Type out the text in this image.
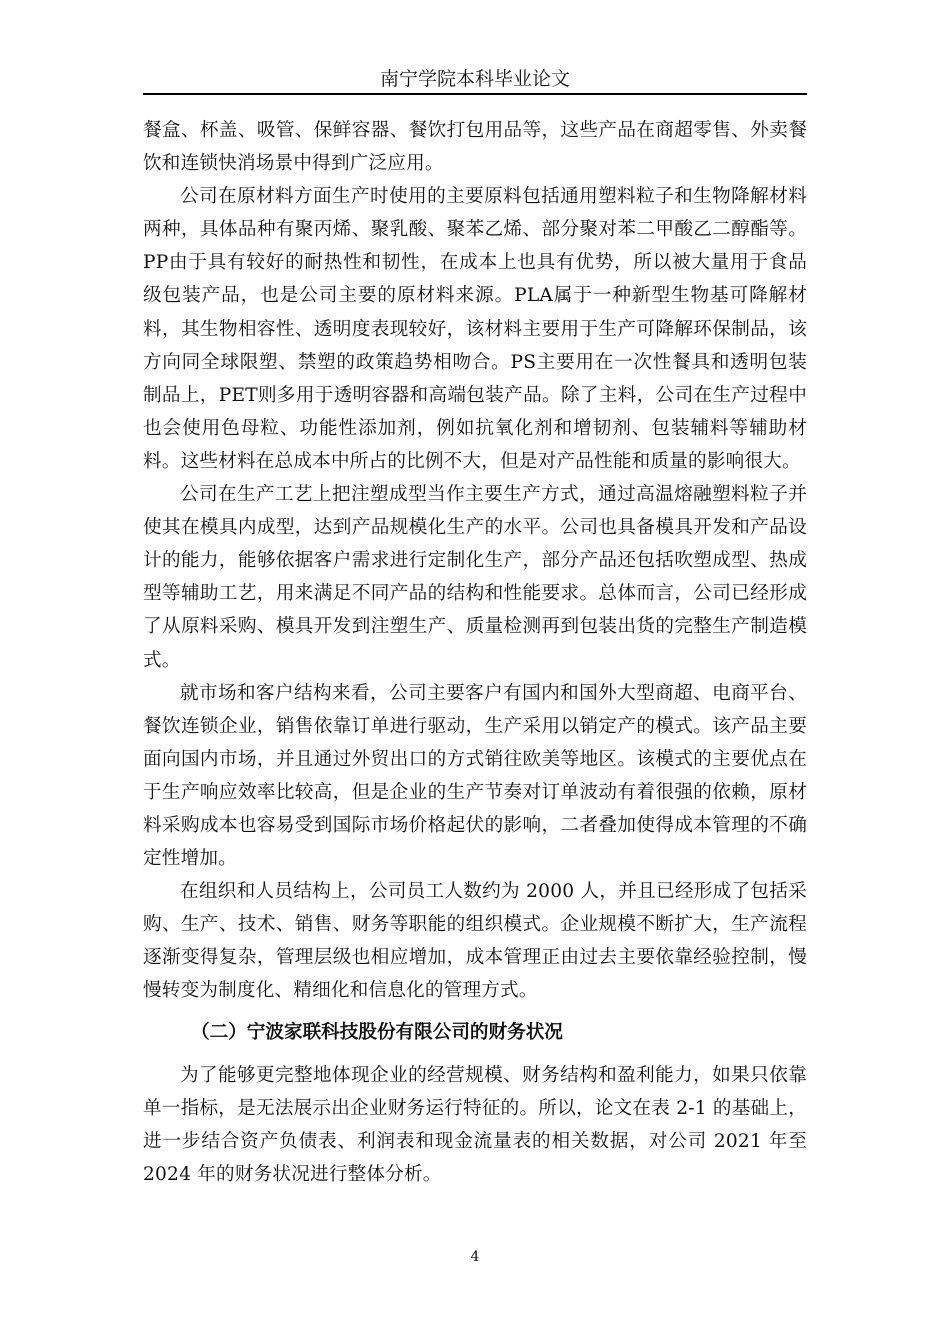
南宁学院本科毕业论文

餐盒、杯盖、吸管、保鲜容器、餐饮打包用品等，这些产品在商超零售、外卖餐饮和连锁快消场景中得到广泛应用。

公司在原材料方面生产时使用的主要原料包括通用塑料粒子和生物降解材料两种，具体品种有聚丙烯、聚乳酸、聚苯乙烯、部分聚对苯二甲酸乙二醇酯等。PP由于具有较好的耐热性和韧性，在成本上也具有优势，所以被大量用于食品级包装产品，也是公司主要的原材料来源。PLA属于一种新型生物基可降解材料，其生物相容性、透明度表现较好，该材料主要用于生产可降解环保制品，该方向同全球限塑、禁塑的政策趋势相吻合。PS主要用在一次性餐具和透明包装制品上，PET则多用于透明容器和高端包装产品。除了主料，公司在生产过程中也会使用色母粒、功能性添加剂，例如抗氧化剂和增韧剂、包装辅料等辅助材料。这些材料在总成本中所占的比例不大，但是对产品性能和质量的影响很大。

公司在生产工艺上把注塑成型当作主要生产方式，通过高温熔融塑料粒子并使其在模具内成型，达到产品规模化生产的水平。公司也具备模具开发和产品设计的能力，能够依据客户需求进行定制化生产，部分产品还包括吹塑成型、热成型等辅助工艺，用来满足不同产品的结构和性能要求。总体而言，公司已经形成了从原料采购、模具开发到注塑生产、质量检测再到包装出货的完整生产制造模式。

就市场和客户结构来看，公司主要客户有国内和国外大型商超、电商平台、餐饮连锁企业，销售依靠订单进行驱动，生产采用以销定产的模式。该产品主要面向国内市场，并且通过外贸出口的方式销往欧美等地区。该模式的主要优点在于生产响应效率比较高，但是企业的生产节奏对订单波动有着很强的依赖，原材料采购成本也容易受到国际市场价格起伏的影响，二者叠加使得成本管理的不确定性增加。

在组织和人员结构上，公司员工人数约为 2000 人，并且已经形成了包括采购、生产、技术、销售、财务等职能的组织模式。企业规模不断扩大，生产流程逐渐变得复杂，管理层级也相应增加，成本管理正由过去主要依靠经验控制，慢慢转变为制度化、精细化和信息化的管理方式。

（二）宁波家联科技股份有限公司的财务状况

为了能够更完整地体现企业的经营规模、财务结构和盈利能力，如果只依靠单一指标，是无法展示出企业财务运行特征的。所以，论文在表 2-1 的基础上，进一步结合资产负债表、利润表和现金流量表的相关数据，对公司 2021 年至 2024 年的财务状况进行整体分析。

4
